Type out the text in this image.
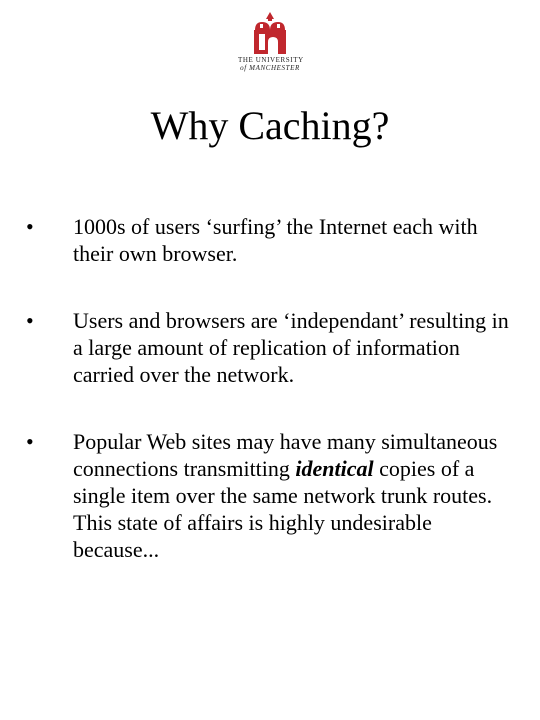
THE UNIVERSITY
of MANCHESTER
Why Caching?
• 1000s of users ‘surfing’ the Internet each with their own browser.
• Users and browsers are ‘independant’ resulting in a large amount of replication of information carried over the network.
• Popular Web sites may have many simultaneous connections transmitting identical copies of a single item over the same network trunk routes. This state of affairs is highly undesirable because...
